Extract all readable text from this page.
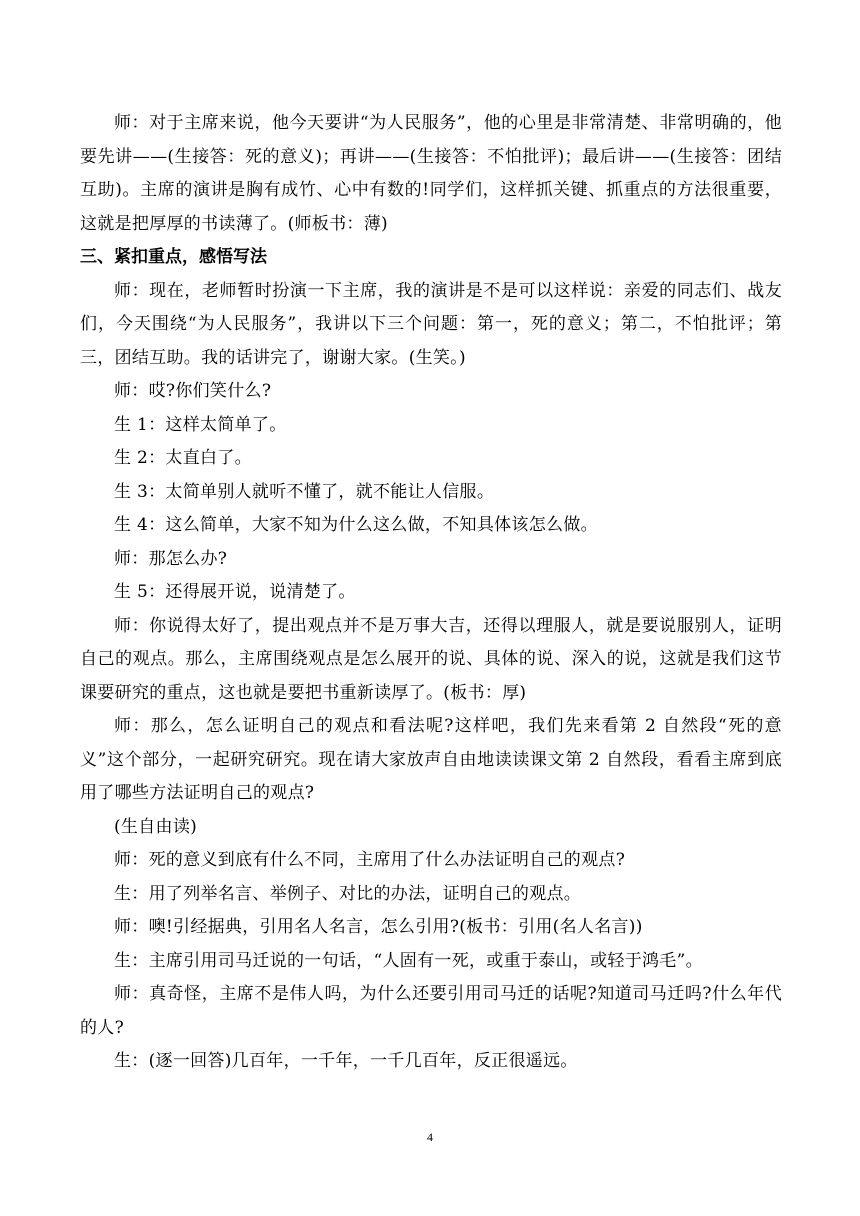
师：对于主席来说，他今天要讲“为人民服务”，他的心里是非常清楚、非常明确的，他要先讲——(生接答：死的意义)；再讲——(生接答：不怕批评)；最后讲——(生接答：团结互助)。主席的演讲是胸有成竹、心中有数的!同学们，这样抓关键、抓重点的方法很重要，这就是把厚厚的书读薄了。(师板书：薄)

三、紧扣重点，感悟写法

师：现在，老师暂时扮演一下主席，我的演讲是不是可以这样说：亲爱的同志们、战友们，今天围绕“为人民服务”，我讲以下三个问题：第一，死的意义；第二，不怕批评；第三，团结互助。我的话讲完了，谢谢大家。(生笑。)

师：哎?你们笑什么?

生 1：这样太简单了。

生 2：太直白了。

生 3：太简单别人就听不懂了，就不能让人信服。

生 4：这么简单，大家不知为什么这么做，不知具体该怎么做。

师：那怎么办?

生 5：还得展开说，说清楚了。

师：你说得太好了，提出观点并不是万事大吉，还得以理服人，就是要说服别人，证明自己的观点。那么，主席围绕观点是怎么展开的说、具体的说、深入的说，这就是我们这节课要研究的重点，这也就是要把书重新读厚了。(板书：厚)

师：那么，怎么证明自己的观点和看法呢?这样吧，我们先来看第 2 自然段“死的意义”这个部分，一起研究研究。现在请大家放声自由地读读课文第 2 自然段，看看主席到底用了哪些方法证明自己的观点?

(生自由读)

师：死的意义到底有什么不同，主席用了什么办法证明自己的观点?

生：用了列举名言、举例子、对比的办法，证明自己的观点。

师：噢!引经据典，引用名人名言，怎么引用?(板书：引用(名人名言))

生：主席引用司马迁说的一句话，“人固有一死，或重于泰山，或轻于鸿毛”。

师：真奇怪，主席不是伟人吗，为什么还要引用司马迁的话呢?知道司马迁吗?什么年代的人?

生：(逐一回答)几百年，一千年，一千几百年，反正很遥远。

4
